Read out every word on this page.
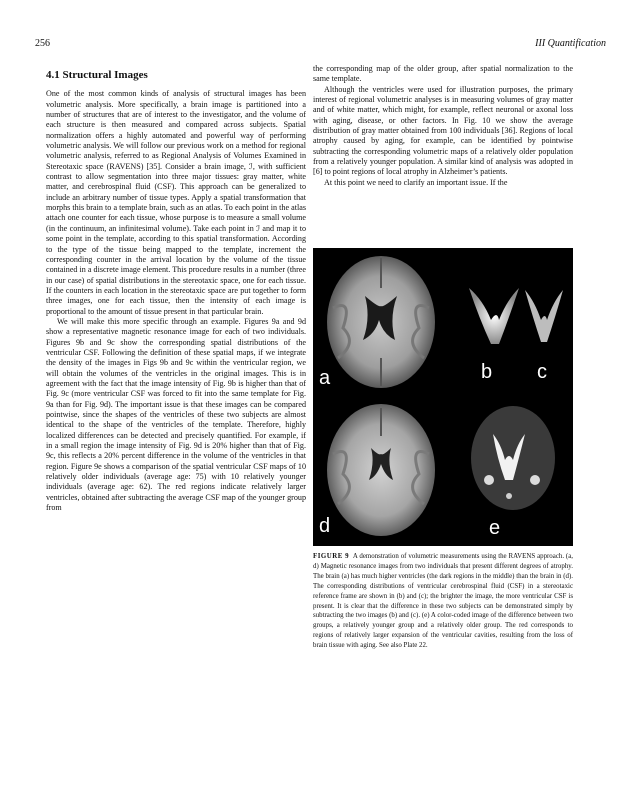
256	III Quantification
4.1 Structural Images

One of the most common kinds of analysis of structural images has been volumetric analysis. More specifically, a brain image is partitioned into a number of structures that are of interest to the investigator, and the volume of each structure is then measured and compared across subjects. Spatial normalization offers a highly automated and powerful way of performing volumetric analysis. We will follow our previous work on a method for regional volumetric analysis, referred to as Regional Analysis of Volumes Examined in Stereotaxic space (RAVENS) [35]. Consider a brain image, ℐ, with sufficient contrast to allow segmentation into three major tissues: gray matter, white matter, and cerebrospinal fluid (CSF). This approach can be generalized to include an arbitrary number of tissue types. Apply a spatial transformation that morphs this brain to a template brain, such as an atlas. To each point in the atlas attach one counter for each tissue, whose purpose is to measure a small volume (in the continuum, an infinitesimal volume). Take each point in ℐ and map it to some point in the template, according to this spatial transformation. According to the type of the tissue being mapped to the template, increment the corresponding counter in the arrival location by the volume of the tissue contained in a discrete image element. This procedure results in a number (three in our case) of spatial distributions in the stereotaxic space, one for each tissue. If the counters in each location in the stereotaxic space are put together to form three images, one for each tissue, then the intensity of each image is proportional to the amount of tissue present in that particular brain.

We will make this more specific through an example. Figures 9a and 9d show a representative magnetic resonance image for each of two individuals. Figures 9b and 9c show the corresponding spatial distributions of the ventricular CSF. Following the definition of these spatial maps, if we integrate the density of the images in Figs 9b and 9c within the ventricular region, we will obtain the volumes of the ventricles in the original images. This is in agreement with the fact that the image intensity of Fig. 9b is higher than that of Fig. 9c (more ventricular CSF was forced to fit into the same template for Fig. 9a than for Fig. 9d). The important issue is that these images can be compared pointwise, since the shapes of the ventricles of these two subjects are almost identical to the shape of the ventricles of the template. Therefore, highly localized differences can be detected and precisely quantified. For example, if in a small region the image intensity of Fig. 9d is 20% higher than that of Fig. 9c, this reflects a 20% percent difference in the volume of the ventricles in that region. Figure 9e shows a comparison of the spatial ventricular CSF maps of 10 relatively older individuals (average age: 75) with 10 relatively younger individuals (average age: 62). The red regions indicate relatively larger ventricles, obtained after subtracting the average CSF map of the younger group from

the corresponding map of the older group, after spatial normalization to the same template.

Although the ventricles were used for illustration purposes, the primary interest of regional volumetric analyses is in measuring volumes of gray matter and of white matter, which might, for example, reflect neuronal or axonal loss with aging, disease, or other factors. In Fig. 10 we show the average distribution of gray matter obtained from 100 individuals [36]. Regions of local atrophy caused by aging, for example, can be identified by pointwise subtracting the corresponding volumetric maps of a relatively older population from a relatively younger population. A similar kind of analysis was adopted in [6] to point regions of local atrophy in Alzheimer’s patients.

At this point we need to clarify an important issue. If the

a	b c
d	e
FIGURE 9 A demonstration of volumetric measurements using the RAVENS approach. (a, d) Magnetic resonance images from two individuals that present different degrees of atrophy. The brain (a) has much higher ventricles (the dark regions in the middle) than the brain in (d). The corresponding distributions of ventricular cerebrospinal fluid (CSF) in a stereotaxic reference frame are shown in (b) and (c); the brighter the image, the more ventricular CSF is present. It is clear that the difference in these two subjects can be demonstrated simply by subtracting the two images (b) and (c). (e) A color-coded image of the difference between two groups, a relatively younger group and a relatively older group. The red corresponds to regions of relatively larger expansion of the ventricular cavities, resulting from the loss of brain tissue with aging. See also Plate 22.
